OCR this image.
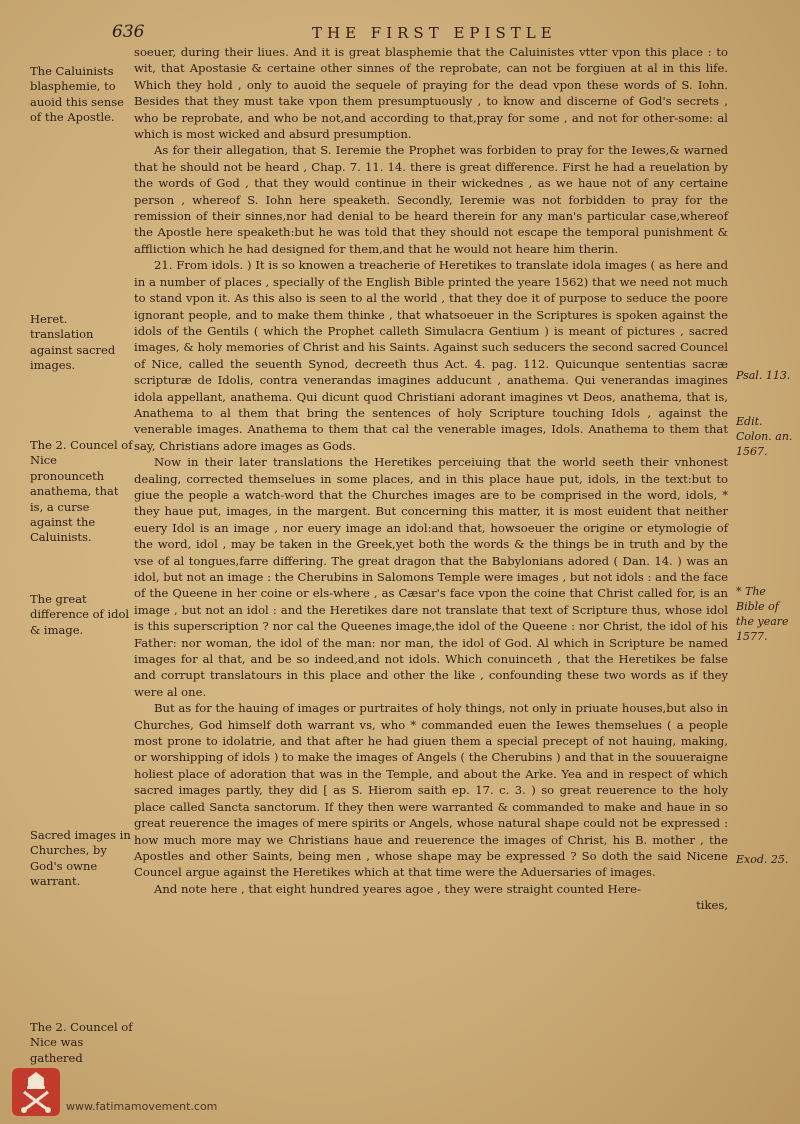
636	THE FIRST EPISTLE

soeuer, during their liues. And it is great blasphemie that the Caluinistes vtter vpon this place : to wit, that Apostasie & certaine other sinnes of the reprobate, can not be forgiuen at al in this life. Which they hold , only to auoid the sequele of praying for the dead vpon these words of S. Iohn. Besides that they must take vpon them presumptuously , to know and discerne of God's secrets , who be reprobate, and who be not,and according to that,pray for some , and not for other-some: al which is most wicked and absurd presumption.

As for their allegation, that S. Ieremie the Prophet was forbiden to pray for the Iewes,& warned that he should not be heard , Chap. 7. 11. 14. there is great difference. First he had a reuelation by the words of God , that they would continue in their wickednes , as we haue not of any certaine person , whereof S. Iohn here speaketh. Secondly, Ieremie was not forbidden to pray for the remission of their sinnes,nor had denial to be heard therein for any man's particular case,whereof the Apostle here speaketh:but he was told that they should not escape the temporal punishment & affliction which he had designed for them,and that he would not heare him therin.

21. From idols. ) It is so knowen a treacherie of Heretikes to translate idola images ( as here and in a number of places , specially of the English Bible printed the yeare 1562) that we need not much to stand vpon it. As this also is seen to al the world , that they doe it of purpose to seduce the poore ignorant people, and to make them thinke , that whatsoeuer in the Scriptures is spoken against the idols of the Gentils ( which the Prophet calleth Simulacra Gentium ) is meant of pictures , sacred images, & holy memories of Christ and his Saints. Against such seducers the second sacred Councel of Nice, called the seuenth Synod, decreeth thus Act. 4. pag. 112. Quicunque sententias sacræ scripturæ de Idolis, contra venerandas imagines adducunt , anathema. Qui venerandas imagines idola appellant, anathema. Qui dicunt quod Christiani adorant imagines vt Deos, anathema, that is, Anathema to al them that bring the sentences of holy Scripture touching Idols , against the venerable images. Anathema to them that cal the venerable images, Idols. Anathema to them that say, Christians adore images as Gods.

Now in their later translations the Heretikes perceiuing that the world seeth their vnhonest dealing, corrected themselues in some places, and in this place haue put, idols, in the text:but to giue the people a watch-word that the Churches images are to be comprised in the word, idols, * they haue put, images, in the margent. But concerning this matter, it is most euident that neither euery Idol is an image , nor euery image an idol:and that, howsoeuer the origine or etymologie of the word, idol , may be taken in the Greek,yet both the words & the things be in truth and by the vse of al tongues,farre differing. The great dragon that the Babylonians adored ( Dan. 14. ) was an idol, but not an image : the Cherubins in Salomons Temple were images , but not idols : and the face of the Queene in her coine or els-where , as Cæsar's face vpon the coine that Christ called for, is an image , but not an idol : and the Heretikes dare not translate that text of Scripture thus, whose idol is this superscription ? nor cal the Queenes image,the idol of the Queene : nor Christ, the idol of his Father: nor woman, the idol of the man: nor man, the idol of God. Al which in Scripture be named images for al that, and be so indeed,and not idols. Which conuinceth , that the Heretikes be false and corrupt translatours in this place and other the like , confounding these two words as if they were al one.

But as for the hauing of images or purtraites of holy things, not only in priuate houses,but also in Churches, God himself doth warrant vs, who * commanded euen the Iewes themselues ( a people most prone to idolatrie, and that after he had giuen them a special precept of not hauing, making, or worshipping of idols ) to make the images of Angels ( the Cherubins ) and that in the souueraigne holiest place of adoration that was in the Temple, and about the Arke. Yea and in respect of which sacred images partly, they did [ as S. Hierom saith ep. 17. c. 3. ) so great reuerence to the holy place called Sancta sanctorum. If they then were warranted & commanded to make and haue in so great reuerence the images of mere spirits or Angels, whose natural shape could not be expressed : how much more may we Christians haue and reuerence the images of Christ, his B. mother , the Apostles and other Saints, being men , whose shape may be expressed ? So doth the said Nicene Councel argue against the Heretikes which at that time were the Aduersaries of images.

And note here , that eight hundred yeares agoe , they were straight counted Here-

tikes,

The Caluinists blasphemie, to auoid this sense of the Apostle.
Heret. translation against sacred images.
The 2. Councel of Nice pronounceth anathema, that is, a curse against the Caluinists.
The great difference of idol & image.
Sacred images in Churches, by God's owne warrant.
The 2. Councel of Nice was gathered
Psal. 113.
Edit. Colon. an. 1567.
* The Bible of the yeare 1577.
Exod. 25.
www.fatimamovement.com
